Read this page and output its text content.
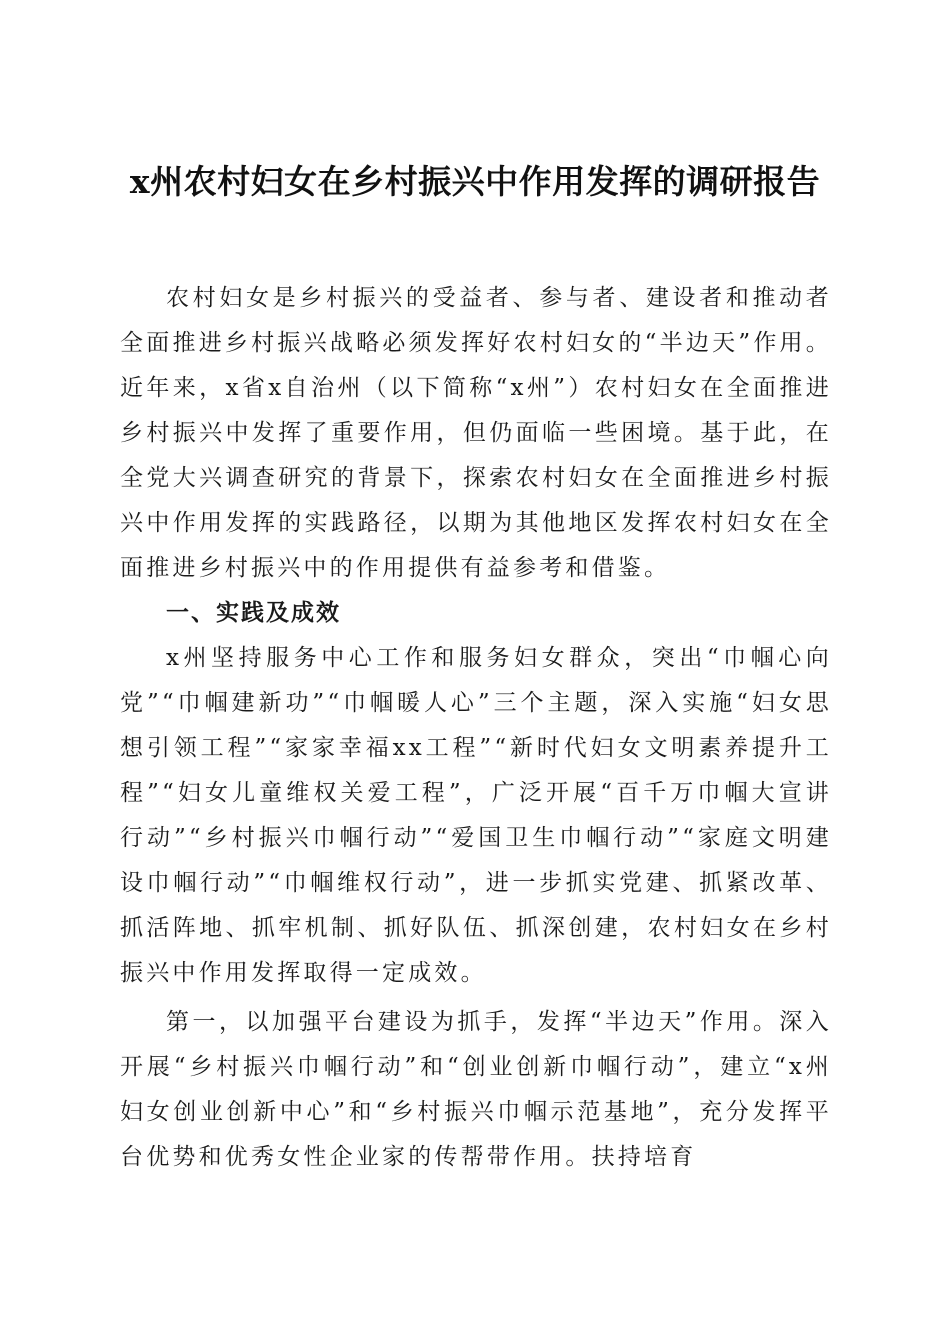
x州农村妇女在乡村振兴中作用发挥的调研报告

农村妇女是乡村振兴的受益者、参与者、建设者和推动者全面推进乡村振兴战略必须发挥好农村妇女的“半边天”作用。近年来，x省x自治州（以下简称“x州”）农村妇女在全面推进乡村振兴中发挥了重要作用，但仍面临一些困境。基于此，在全党大兴调查研究的背景下，探索农村妇女在全面推进乡村振兴中作用发挥的实践路径，以期为其他地区发挥农村妇女在全面推进乡村振兴中的作用提供有益参考和借鉴。

一、实践及成效

x州坚持服务中心工作和服务妇女群众，突出“巾帼心向党”“巾帼建新功”“巾帼暖人心”三个主题，深入实施“妇女思想引领工程”“家家幸福xx工程”“新时代妇女文明素养提升工程”“妇女儿童维权关爱工程”，广泛开展“百千万巾帼大宣讲行动”“乡村振兴巾帼行动”“爱国卫生巾帼行动”“家庭文明建设巾帼行动”“巾帼维权行动”，进一步抓实党建、抓紧改革、抓活阵地、抓牢机制、抓好队伍、抓深创建，农村妇女在乡村振兴中作用发挥取得一定成效。

第一，以加强平台建设为抓手，发挥“半边天”作用。深入开展“乡村振兴巾帼行动”和“创业创新巾帼行动”，建立“x州妇女创业创新中心”和“乡村振兴巾帼示范基地”，充分发挥平台优势和优秀女性企业家的传帮带作用。扶持培育
